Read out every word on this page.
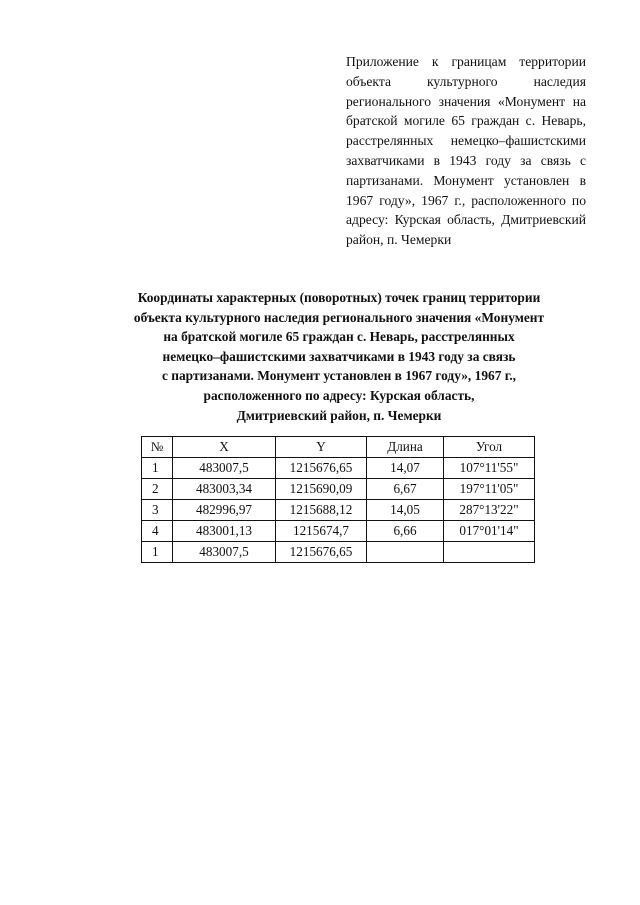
Приложение к границам территории объекта культурного наследия регионального значения «Монумент на братской могиле 65 граждан с. Неварь, расстрелянных немецко–фашистскими захватчиками в 1943 году за связь с партизанами. Монумент установлен в 1967 году», 1967 г., расположенного по адресу: Курская область, Дмитриевский район, п. Чемерки
Координаты характерных (поворотных) точек границ территории
объекта культурного наследия регионального значения «Монумент
на братской могиле 65 граждан с. Неварь, расстрелянных
немецко–фашистскими захватчиками в 1943 году за связь
с партизанами. Монумент установлен в 1967 году», 1967 г.,
расположенного по адресу: Курская область,
Дмитриевский район, п. Чемерки
№	X	Y	Длина	Угол
1	483007,5	1215676,65	14,07	107°11'55"
2	483003,34	1215690,09	6,67	197°11'05"
3	482996,97	1215688,12	14,05	287°13'22"
4	483001,13	1215674,7	6,66	017°01'14"
1	483007,5	1215676,65		
